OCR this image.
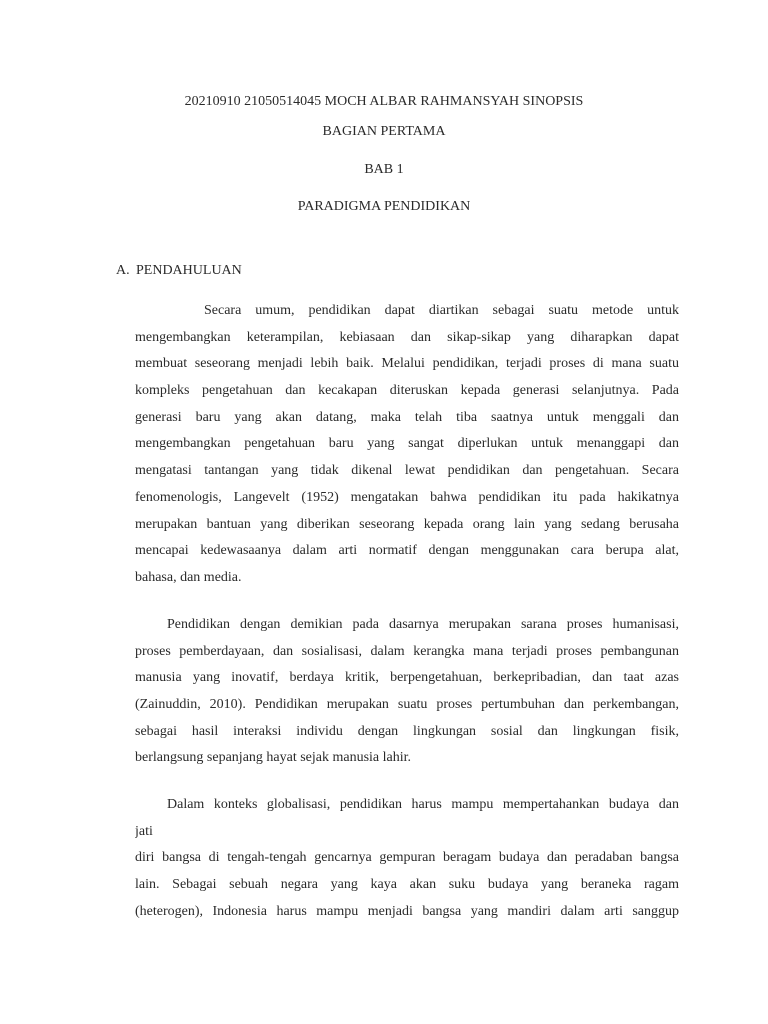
20210910 21050514045 MOCH ALBAR RAHMANSYAH SINOPSIS
BAGIAN PERTAMA
BAB 1
PARADIGMA PENDIDIKAN
A. PENDAHULUAN
Secara umum, pendidikan dapat diartikan sebagai suatu metode untuk
mengembangkan keterampilan, kebiasaan dan sikap-sikap yang diharapkan dapat
membuat seseorang menjadi lebih baik. Melalui pendidikan, terjadi proses di mana suatu
kompleks pengetahuan dan kecakapan diteruskan kepada generasi selanjutnya. Pada
generasi baru yang akan datang, maka telah tiba saatnya untuk menggali dan
mengembangkan pengetahuan baru yang sangat diperlukan untuk menanggapi dan
mengatasi tantangan yang tidak dikenal lewat pendidikan dan pengetahuan. Secara
fenomenologis, Langevelt (1952) mengatakan bahwa pendidikan itu pada hakikatnya
merupakan bantuan yang diberikan seseorang kepada orang lain yang sedang berusaha
mencapai kedewasaanya dalam arti normatif dengan menggunakan cara berupa alat,
bahasa, dan media.
Pendidikan dengan demikian pada dasarnya merupakan sarana proses humanisasi,
proses pemberdayaan, dan sosialisasi, dalam kerangka mana terjadi proses pembangunan
manusia yang inovatif, berdaya kritik, berpengetahuan, berkepribadian, dan taat azas
(Zainuddin, 2010). Pendidikan merupakan suatu proses pertumbuhan dan perkembangan,
sebagai hasil interaksi individu dengan lingkungan sosial dan lingkungan fisik,
berlangsung sepanjang hayat sejak manusia lahir.
Dalam konteks globalisasi, pendidikan harus mampu mempertahankan budaya dan
jati
diri bangsa di tengah-tengah gencarnya gempuran beragam budaya dan peradaban bangsa
lain. Sebagai sebuah negara yang kaya akan suku budaya yang beraneka ragam
(heterogen), Indonesia harus mampu menjadi bangsa yang mandiri dalam arti sanggup
